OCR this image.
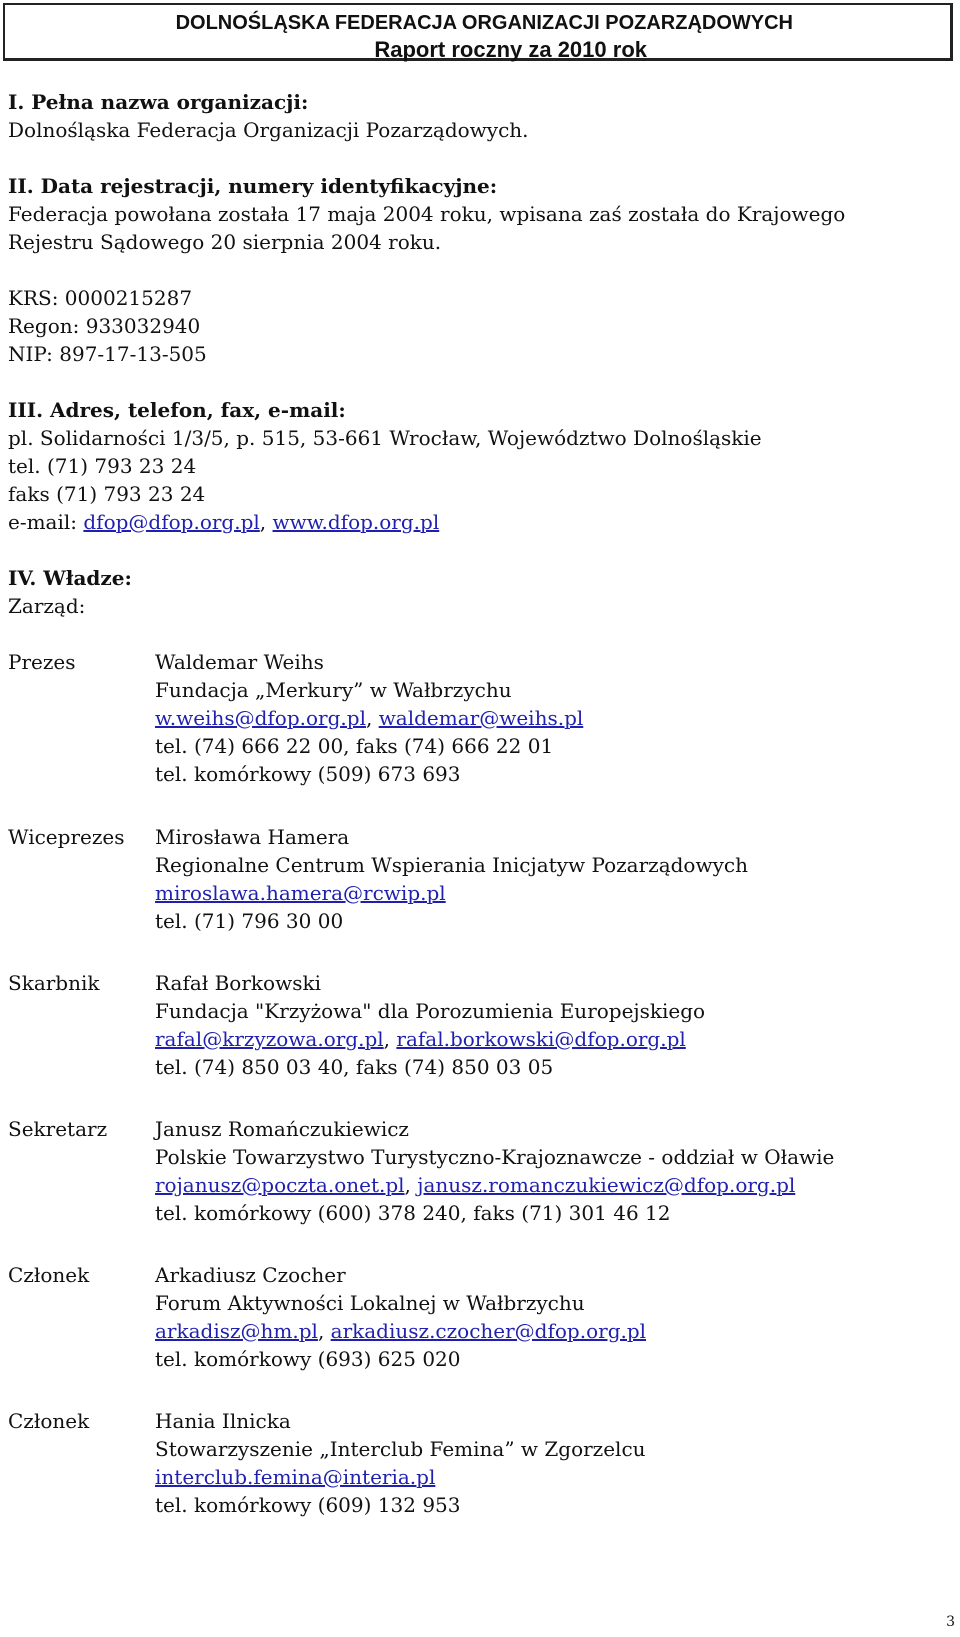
DOLNOŚLĄSKA FEDERACJA ORGANIZACJI POZARZĄDOWYCH
Raport roczny za 2010 rok
I. Pełna nazwa organizacji:
Dolnośląska Federacja Organizacji Pozarządowych.
II. Data rejestracji, numery identyfikacyjne:
Federacja powołana została 17 maja 2004 roku, wpisana zaś została do Krajowego
Rejestru Sądowego 20 sierpnia 2004 roku.
KRS: 0000215287
Regon: 933032940
NIP: 897-17-13-505
III. Adres, telefon, fax, e-mail:
pl. Solidarności 1/3/5, p. 515, 53-661 Wrocław, Województwo Dolnośląskie
tel. (71) 793 23 24
faks (71) 793 23 24
e-mail: dfop@dfop.org.pl, www.dfop.org.pl
IV. Władze:
Zarząd:
Prezes	Waldemar Weihs
Fundacja „Merkury” w Wałbrzychu
w.weihs@dfop.org.pl, waldemar@weihs.pl
tel. (74) 666 22 00, faks (74) 666 22 01
tel. komórkowy (509) 673 693
Wiceprezes Mirosława Hamera
Regionalne Centrum Wspierania Inicjatyw Pozarządowych
miroslawa.hamera@rcwip.pl
tel. (71) 796 30 00
Skarbnik	Rafał Borkowski
Fundacja "Krzyżowa" dla Porozumienia Europejskiego
rafal@krzyzowa.org.pl, rafal.borkowski@dfop.org.pl
tel. (74) 850 03 40, faks (74) 850 03 05
Sekretarz Janusz Romańczukiewicz
Polskie Towarzystwo Turystyczno-Krajoznawcze - oddział w Oławie
rojanusz@poczta.onet.pl, janusz.romanczukiewicz@dfop.org.pl
tel. komórkowy (600) 378 240, faks (71) 301 46 12
Członek	Arkadiusz Czocher
Forum Aktywności Lokalnej w Wałbrzychu
arkadisz@hm.pl, arkadiusz.czocher@dfop.org.pl
tel. komórkowy (693) 625 020
Członek	Hania Ilnicka
Stowarzyszenie „Interclub Femina” w Zgorzelcu
interclub.femina@interia.pl
tel. komórkowy (609) 132 953
3
